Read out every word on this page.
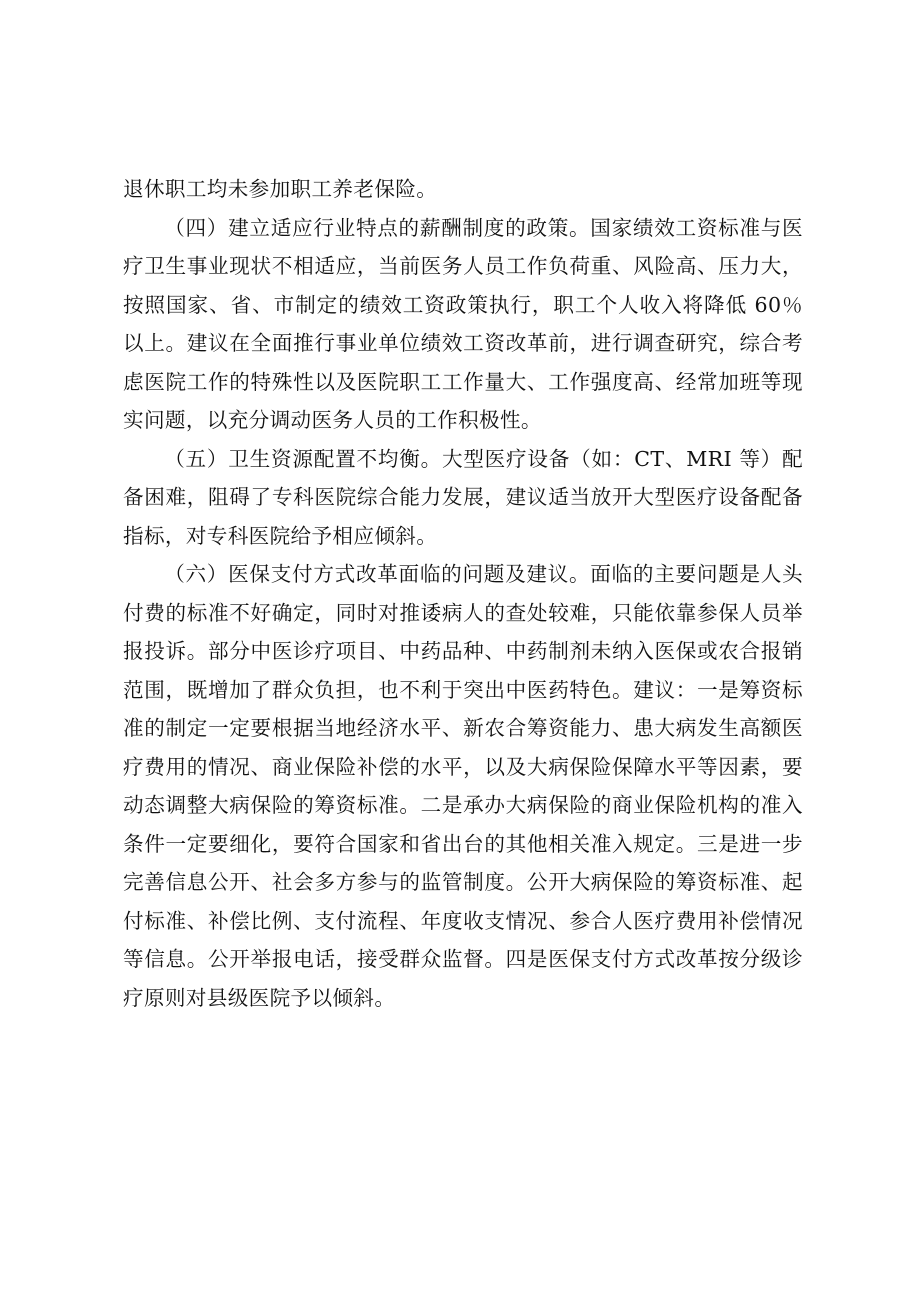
退休职工均未参加职工养老保险。

（四）建立适应行业特点的薪酬制度的政策。国家绩效工资标准与医疗卫生事业现状不相适应，当前医务人员工作负荷重、风险高、压力大，按照国家、省、市制定的绩效工资政策执行，职工个人收入将降低 60％以上。建议在全面推行事业单位绩效工资改革前，进行调查研究，综合考虑医院工作的特殊性以及医院职工工作量大、工作强度高、经常加班等现实问题，以充分调动医务人员的工作积极性。

（五）卫生资源配置不均衡。大型医疗设备（如：CT、MRI 等）配备困难，阻碍了专科医院综合能力发展，建议适当放开大型医疗设备配备指标，对专科医院给予相应倾斜。

（六）医保支付方式改革面临的问题及建议。面临的主要问题是人头付费的标准不好确定，同时对推诿病人的查处较难，只能依靠参保人员举报投诉。部分中医诊疗项目、中药品种、中药制剂未纳入医保或农合报销范围，既增加了群众负担，也不利于突出中医药特色。建议：一是筹资标准的制定一定要根据当地经济水平、新农合筹资能力、患大病发生高额医疗费用的情况、商业保险补偿的水平，以及大病保险保障水平等因素，要动态调整大病保险的筹资标准。二是承办大病保险的商业保险机构的准入条件一定要细化，要符合国家和省出台的其他相关准入规定。三是进一步完善信息公开、社会多方参与的监管制度。公开大病保险的筹资标准、起付标准、补偿比例、支付流程、年度收支情况、参合人医疗费用补偿情况等信息。公开举报电话，接受群众监督。四是医保支付方式改革按分级诊疗原则对县级医院予以倾斜。
